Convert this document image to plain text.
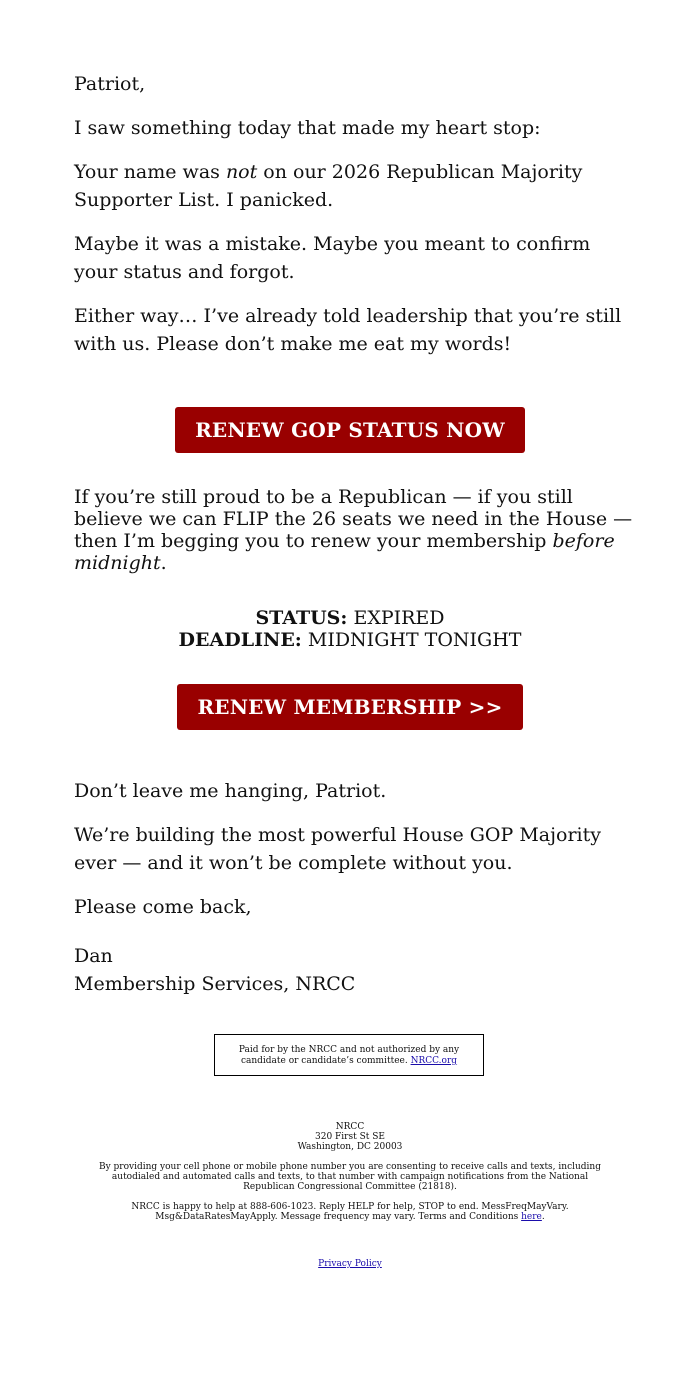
Patriot,

I saw something today that made my heart stop:

Your name was not on our 2026 Republican Majority Supporter List. I panicked.

Maybe it was a mistake. Maybe you meant to confirm your status and forgot.

Either way… I’ve already told leadership that you’re still with us. Please don’t make me eat my words!

RENEW GOP STATUS NOW

If you’re still proud to be a Republican — if you still believe we can FLIP the 26 seats we need in the House — then I’m begging you to renew your membership before midnight.

STATUS: EXPIRED
DEADLINE: MIDNIGHT TONIGHT
RENEW MEMBERSHIP >>

Don’t leave me hanging, Patriot.

We’re building the most powerful House GOP Majority ever — and it won’t be complete without you.

Please come back,

Dan

Membership Services, NRCC

Paid for by the NRCC and not authorized by any
candidate or candidate’s committee. NRCC.org
NRCC
320 First St SE
Washington, DC 20003

By providing your cell phone or mobile phone number you are consenting to receive calls and texts, including autodialed and automated calls and texts, to that number with campaign notifications from the National Republican Congressional Committee (21818).

NRCC is happy to help at 888-606-1023. Reply HELP for help, STOP to end. MessFreqMayVary. Msg&DataRatesMayApply. Message frequency may vary. Terms and Conditions here.

Privacy Policy
